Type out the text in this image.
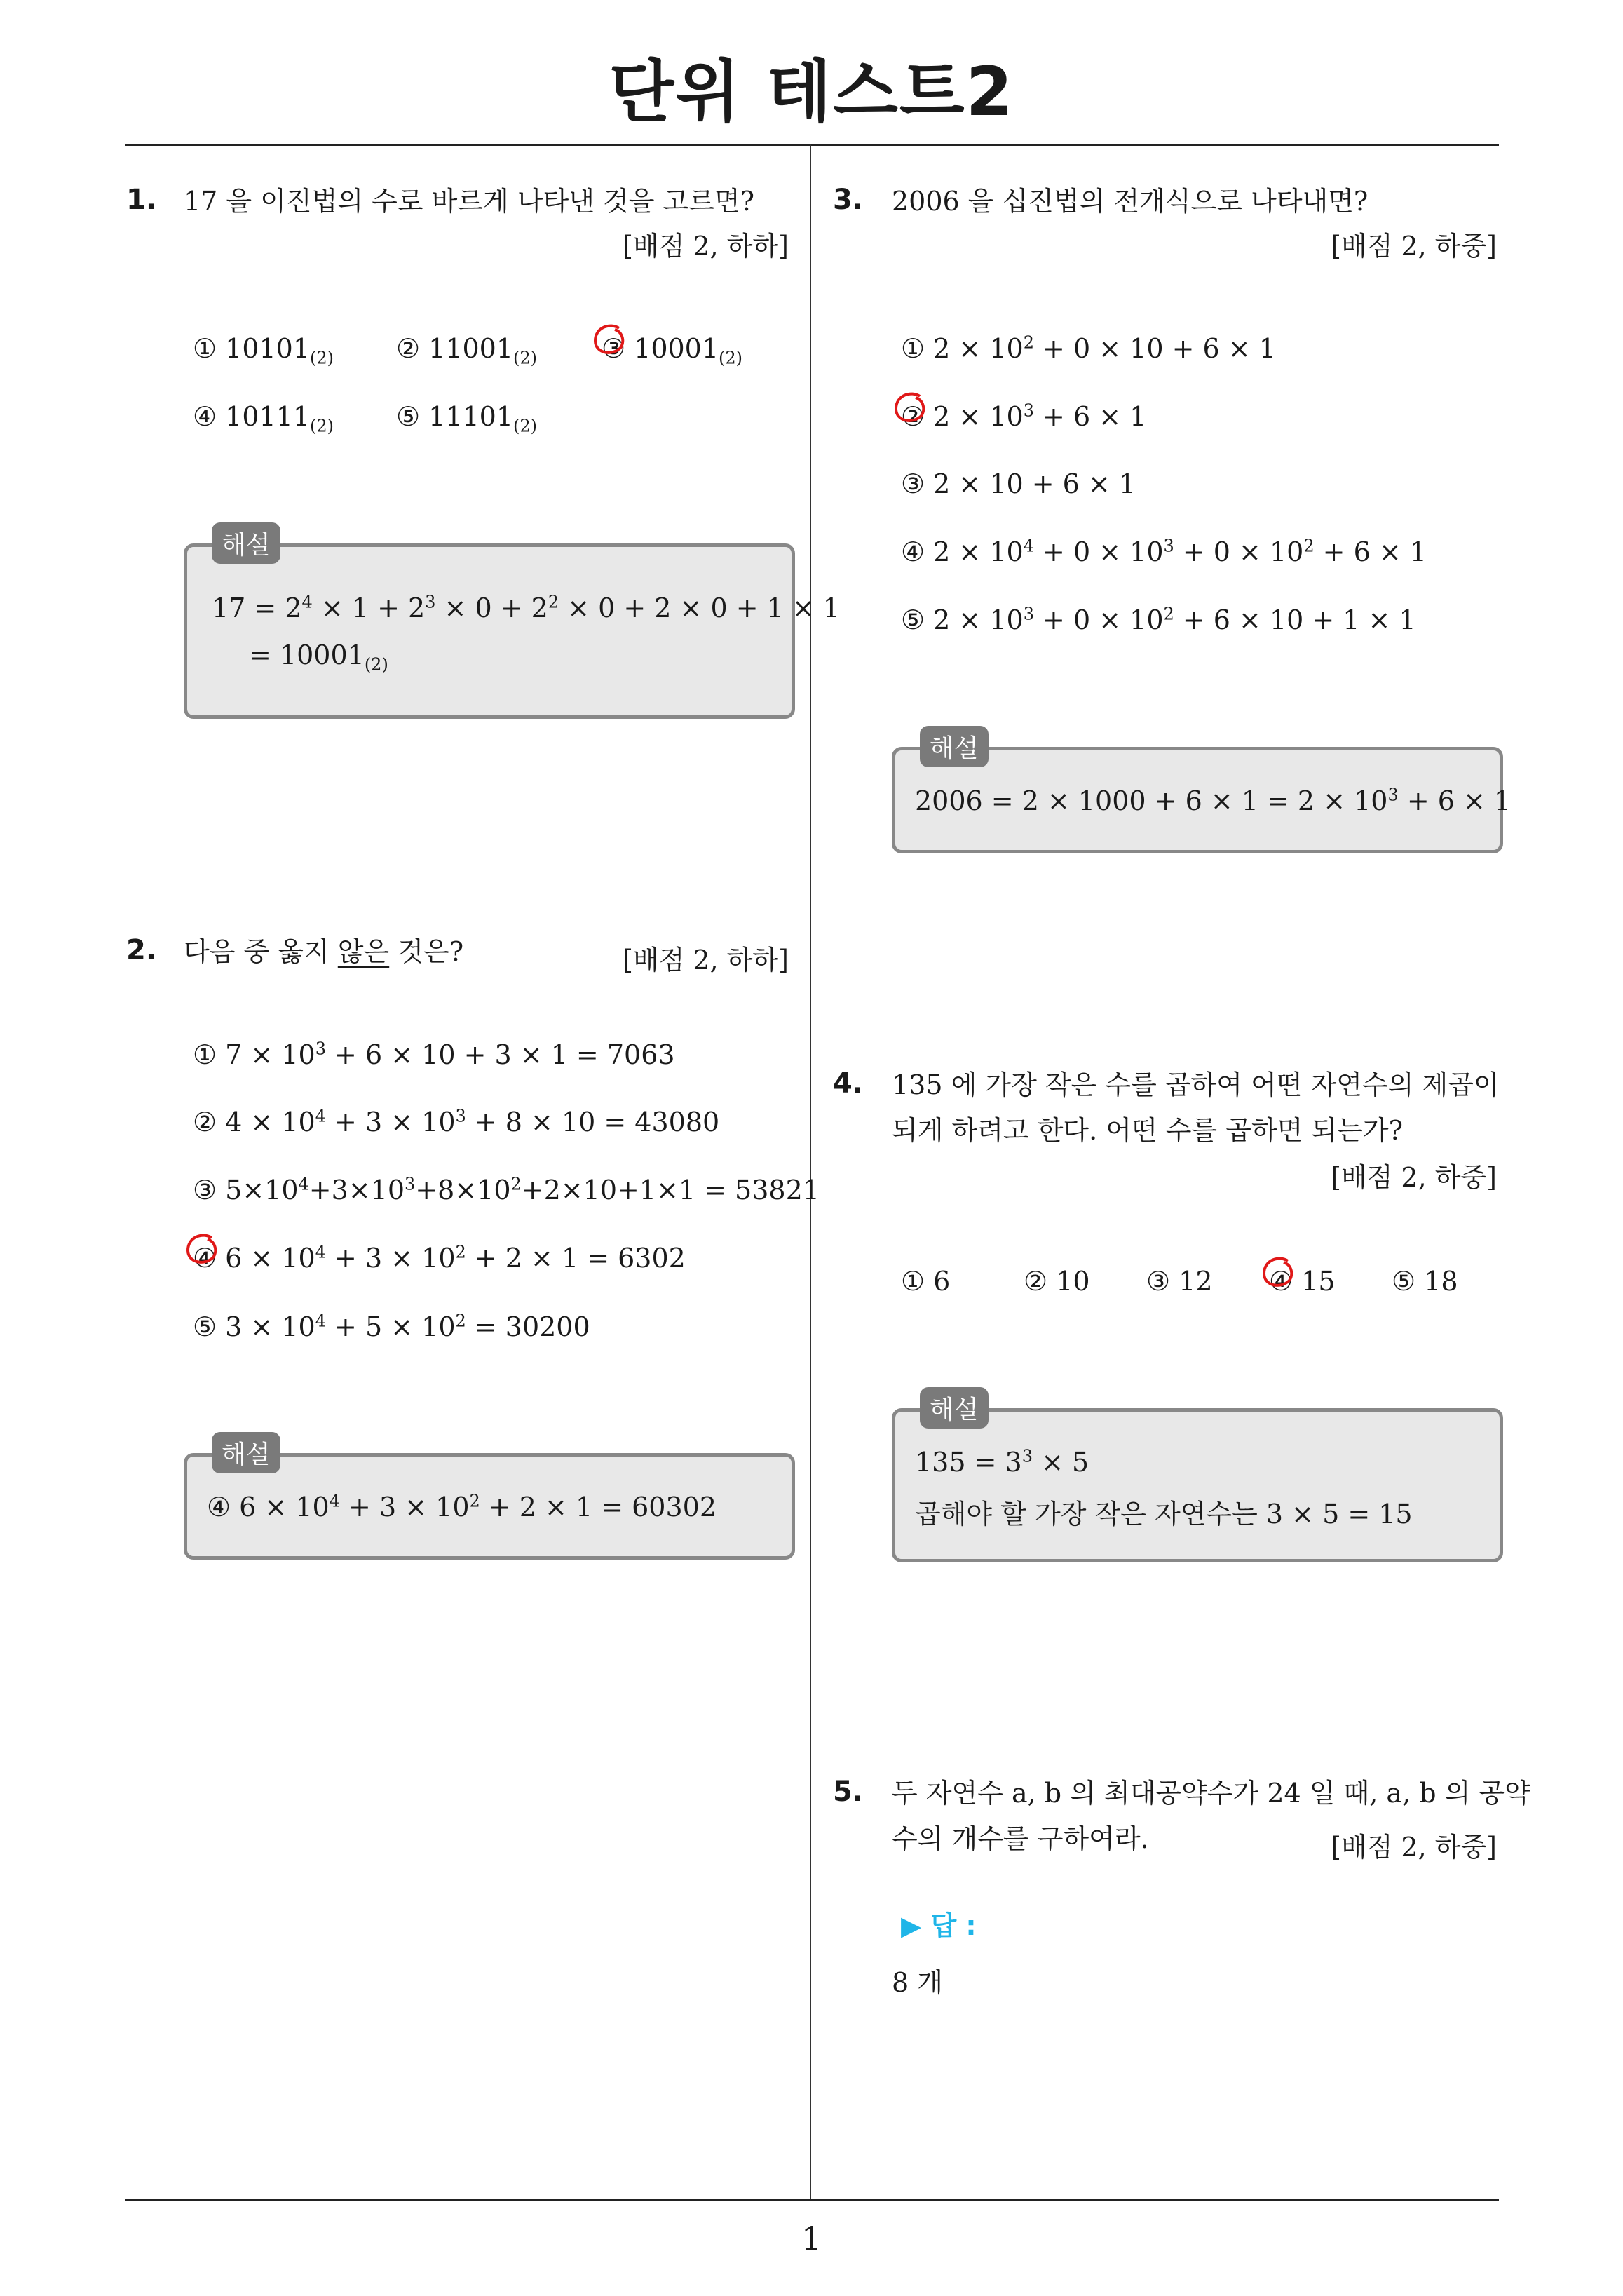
단위 테스트2
1. 17 을 이진법의 수로 바르게 나타낸 것을 고르면?
[배점 2, 하하]
① $10101_{(2)}$ ② $11001_{(2)}$ ③ $10001_{(2)}$
④ $10111_{(2)}$ ⑤ $11101_{(2)}$
해설
$17 = 2^4 \times 1 + 2^3 \times 0 + 2^2 \times 0 + 2 \times 0 + 1 \times 1$
= $10001_{(2)}$
2. 다음 중 옳지 않은 것은?	[배점 2, 하하]
① $7 \times 10^3 + 6 \times 10 + 3 \times 1 = 7063$
② $4 \times 10^4 + 3 \times 10^3 + 8 \times 10 = 43080$
③ $5\times 10^4+3\times 10^3+8\times 10^2+2\times 10+1\times 1 = 53821$
④ $6 \times 10^4 + 3 \times 10^2 + 2 \times 1 = 6302$
⑤ $3 \times 10^4 + 5 \times 10^2 = 30200$
해설
④ $6 \times 10^4 + 3 \times 10^2 + 2 \times 1 = 60302$
3. 2006 을 십진법의 전개식으로 나타내면?
[배점 2, 하중]
① $2 \times 10^2 + 0 \times 10 + 6 \times 1$
② $2 \times 10^3 + 6 \times 1$
③ 2 × 10 + 6 × 1
④ $2 \times 10^4 + 0 \times 10^3 + 0 \times 10^2 + 6 \times 1$
⑤ $2 \times 10^3 + 0 \times 10^2 + 6 \times 10 + 1 \times 1$
해설
$2006 = 2 \times 1000 + 6 \times 1 = 2 \times 10^3 + 6 \times 1$
4. 135 에 가장 작은 수를 곱하여 어떤 자연수의 제곱이
되게 하려고 한다. 어떤 수를 곱하면 되는가?
[배점 2, 하중]
① 6	② 10 ③ 12 ④ 15 ⑤ 18
해설
$135 = 3^3 \times 5$
곱해야 할 가장 작은 자연수는 3 × 5 = 15
5. 두 자연수 a, b 의 최대공약수가 24 일 때, a, b 의 공약
수의 개수를 구하여라.	[배점 2, 하중]
▶ 답 :
8 개
1
